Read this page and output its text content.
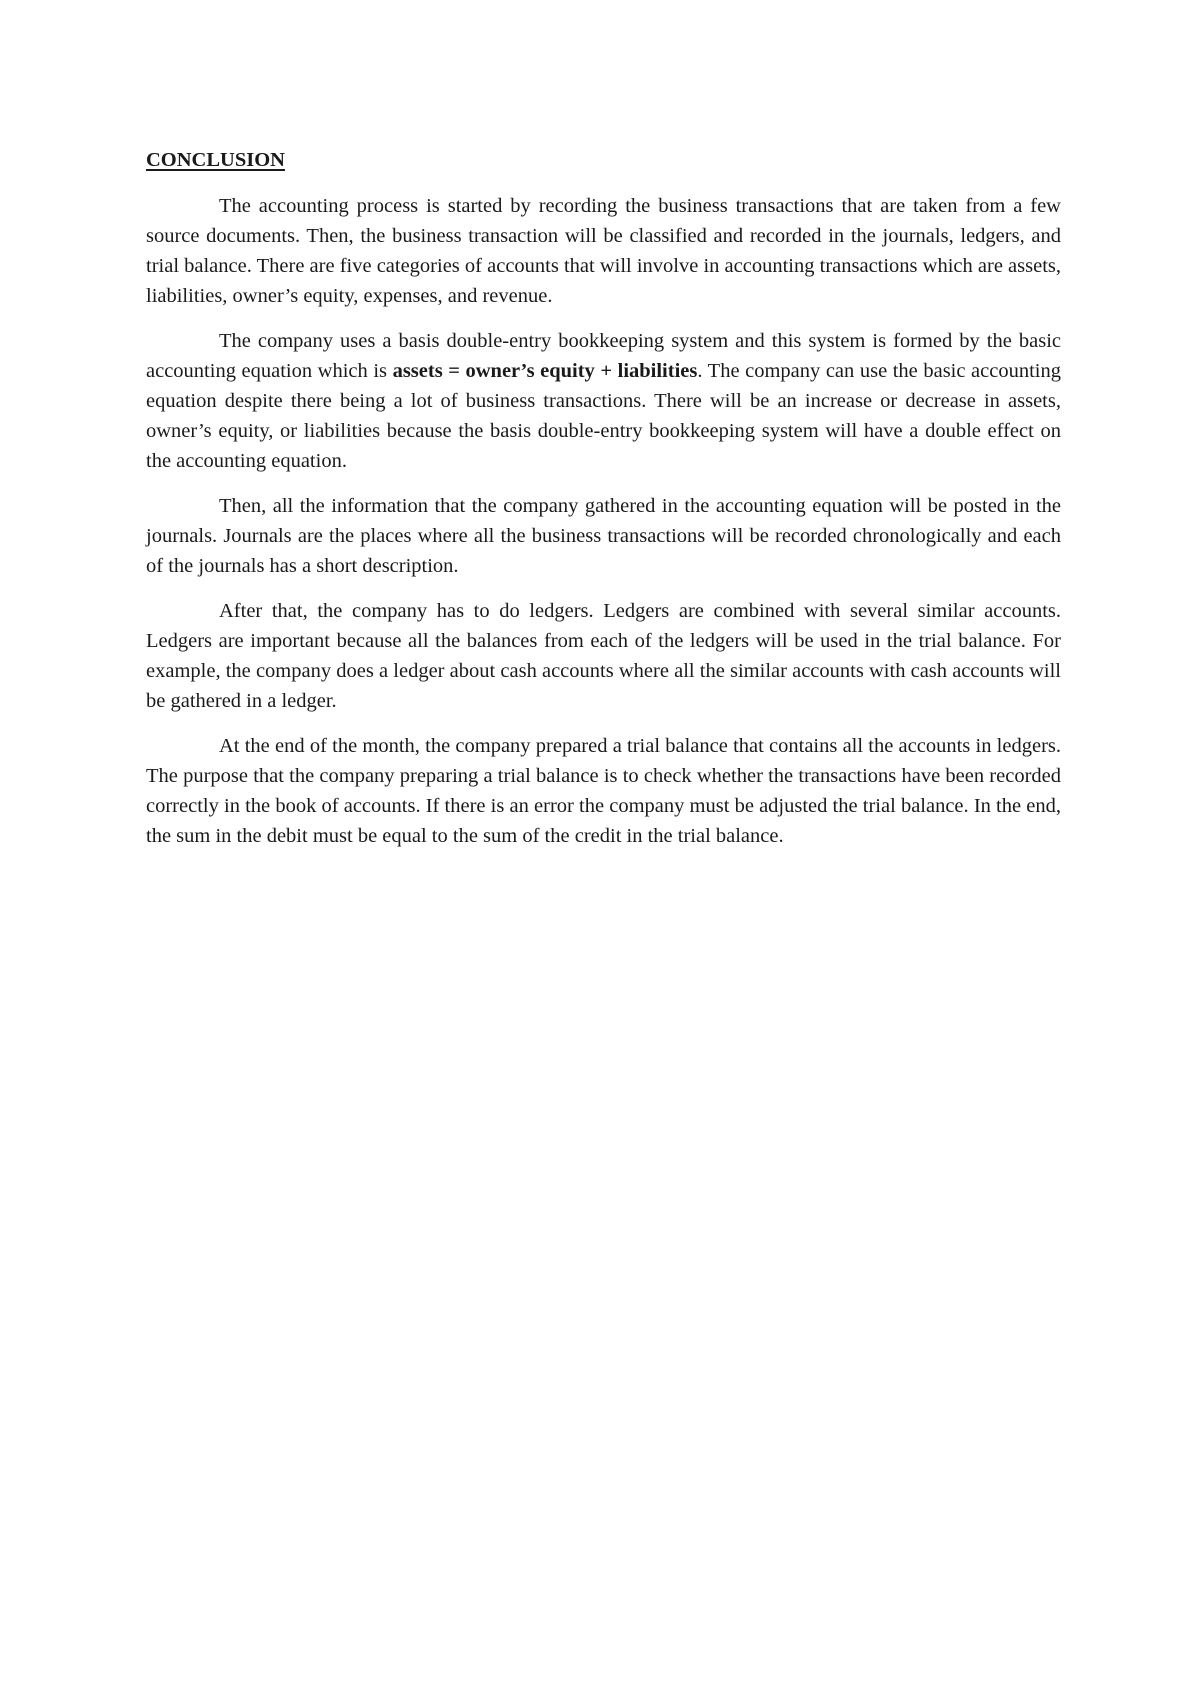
CONCLUSION

The accounting process is started by recording the business transactions that are taken from a few source documents. Then, the business transaction will be classified and recorded in the journals, ledgers, and trial balance. There are five categories of accounts that will involve in accounting transactions which are assets, liabilities, owner’s equity, expenses, and revenue.

The company uses a basis double-entry bookkeeping system and this system is formed by the basic accounting equation which is assets = owner’s equity + liabilities. The company can use the basic accounting equation despite there being a lot of business transactions. There will be an increase or decrease in assets, owner’s equity, or liabilities because the basis double-entry bookkeeping system will have a double effect on the accounting equation.

Then, all the information that the company gathered in the accounting equation will be posted in the journals. Journals are the places where all the business transactions will be recorded chronologically and each of the journals has a short description.

After that, the company has to do ledgers. Ledgers are combined with several similar accounts. Ledgers are important because all the balances from each of the ledgers will be used in the trial balance. For example, the company does a ledger about cash accounts where all the similar accounts with cash accounts will be gathered in a ledger.

At the end of the month, the company prepared a trial balance that contains all the accounts in ledgers. The purpose that the company preparing a trial balance is to check whether the transactions have been recorded correctly in the book of accounts. If there is an error the company must be adjusted the trial balance. In the end, the sum in the debit must be equal to the sum of the credit in the trial balance.
